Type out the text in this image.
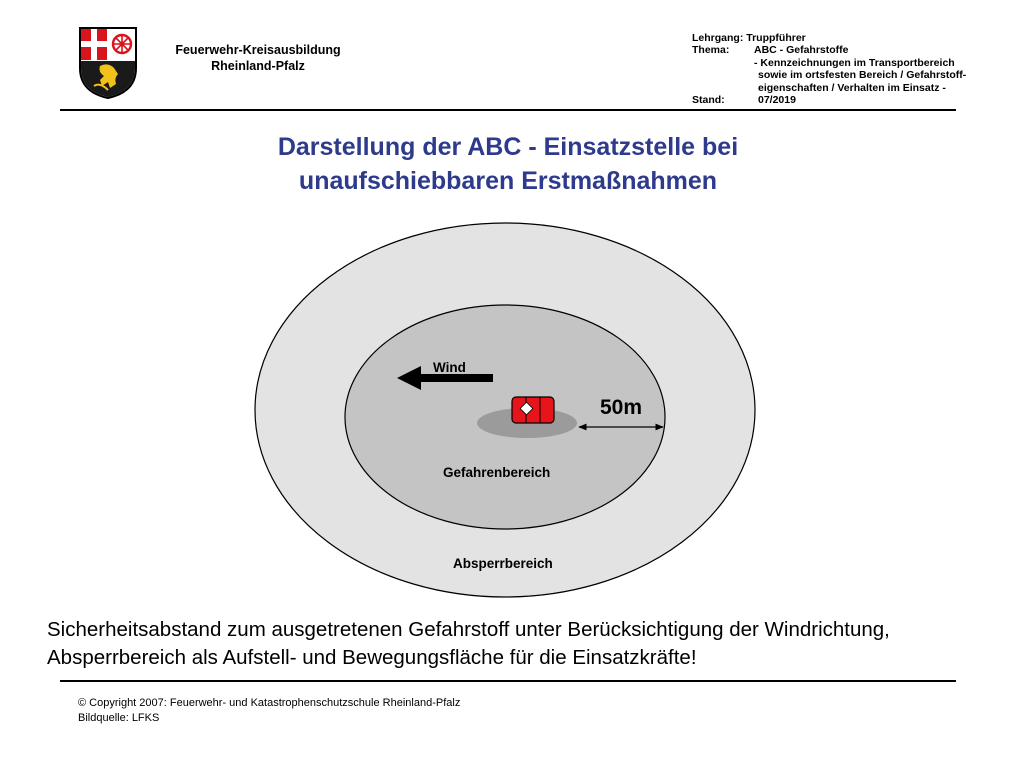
Feuerwehr-Kreisausbildung
Rheinland-Pfalz
Lehrgang: Truppführer
Thema: ABC - Gefahrstoffe
- Kennzeichnungen im Transportbereich
sowie im ortsfesten Bereich / Gefahrstoff-
eigenschaften / Verhalten im Einsatz -
Stand:	07/2019
Darstellung der ABC - Einsatzstelle bei
unaufschiebbaren Erstmaßnahmen
Wind
50m
Gefahrenbereich
Absperrbereich
Sicherheitsabstand zum ausgetretenen Gefahrstoff unter Berücksichtigung der Windrichtung,
Absperrbereich als Aufstell- und Bewegungsfläche für die Einsatzkräfte!
© Copyright 2007: Feuerwehr- und Katastrophenschutzschule Rheinland-Pfalz
Bildquelle: LFKS
